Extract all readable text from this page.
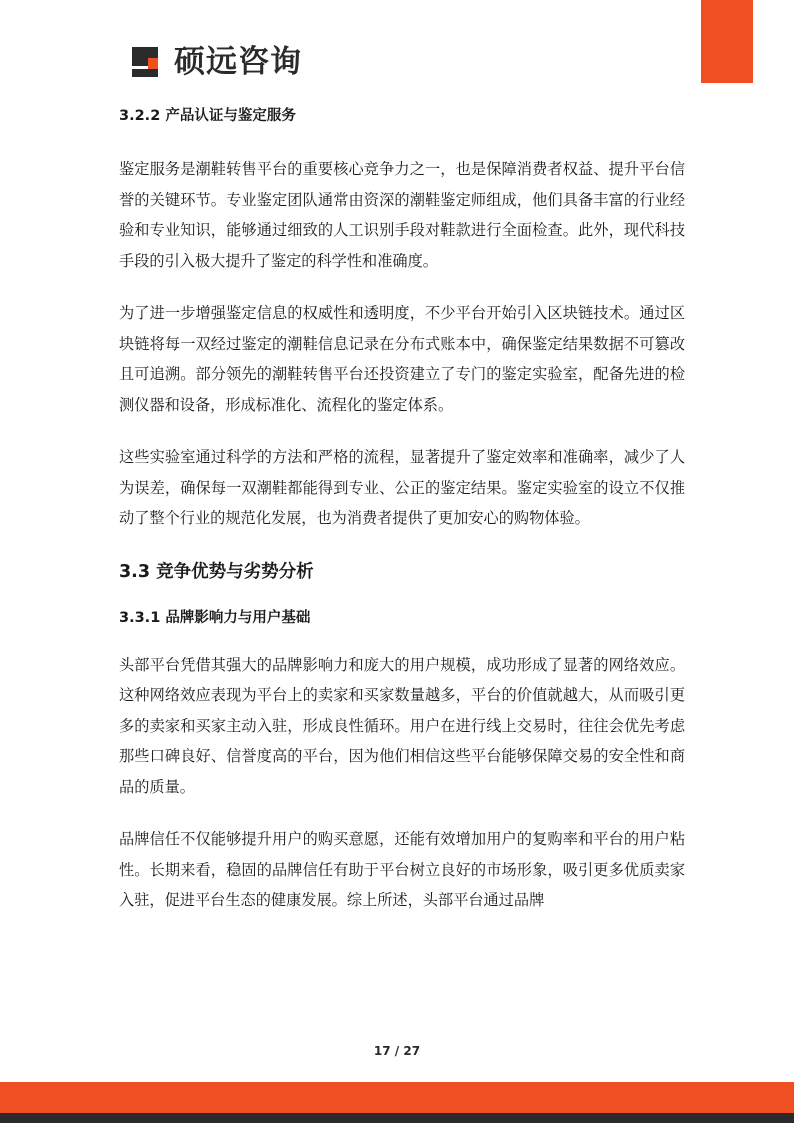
硕远咨询
3.2.2 产品认证与鉴定服务

鉴定服务是潮鞋转售平台的重要核心竞争力之一，也是保障消费者权益、提升平台信誉的关键环节。专业鉴定团队通常由资深的潮鞋鉴定师组成，他们具备丰富的行业经验和专业知识，能够通过细致的人工识别手段对鞋款进行全面检查。此外，现代科技手段的引入极大提升了鉴定的科学性和准确度。

为了进一步增强鉴定信息的权威性和透明度，不少平台开始引入区块链技术。通过区块链将每一双经过鉴定的潮鞋信息记录在分布式账本中，确保鉴定结果数据不可篡改且可追溯。部分领先的潮鞋转售平台还投资建立了专门的鉴定实验室，配备先进的检测仪器和设备，形成标准化、流程化的鉴定体系。

这些实验室通过科学的方法和严格的流程，显著提升了鉴定效率和准确率，减少了人为误差，确保每一双潮鞋都能得到专业、公正的鉴定结果。鉴定实验室的设立不仅推动了整个行业的规范化发展，也为消费者提供了更加安心的购物体验。

3.3 竞争优势与劣势分析
3.3.1 品牌影响力与用户基础

头部平台凭借其强大的品牌影响力和庞大的用户规模，成功形成了显著的网络效应。这种网络效应表现为平台上的卖家和买家数量越多，平台的价值就越大，从而吸引更多的卖家和买家主动入驻，形成良性循环。用户在进行线上交易时，往往会优先考虑那些口碑良好、信誉度高的平台，因为他们相信这些平台能够保障交易的安全性和商品的质量。

品牌信任不仅能够提升用户的购买意愿，还能有效增加用户的复购率和平台的用户粘性。长期来看，稳固的品牌信任有助于平台树立良好的市场形象，吸引更多优质卖家入驻，促进平台生态的健康发展。综上所述，头部平台通过品牌

17 / 27
